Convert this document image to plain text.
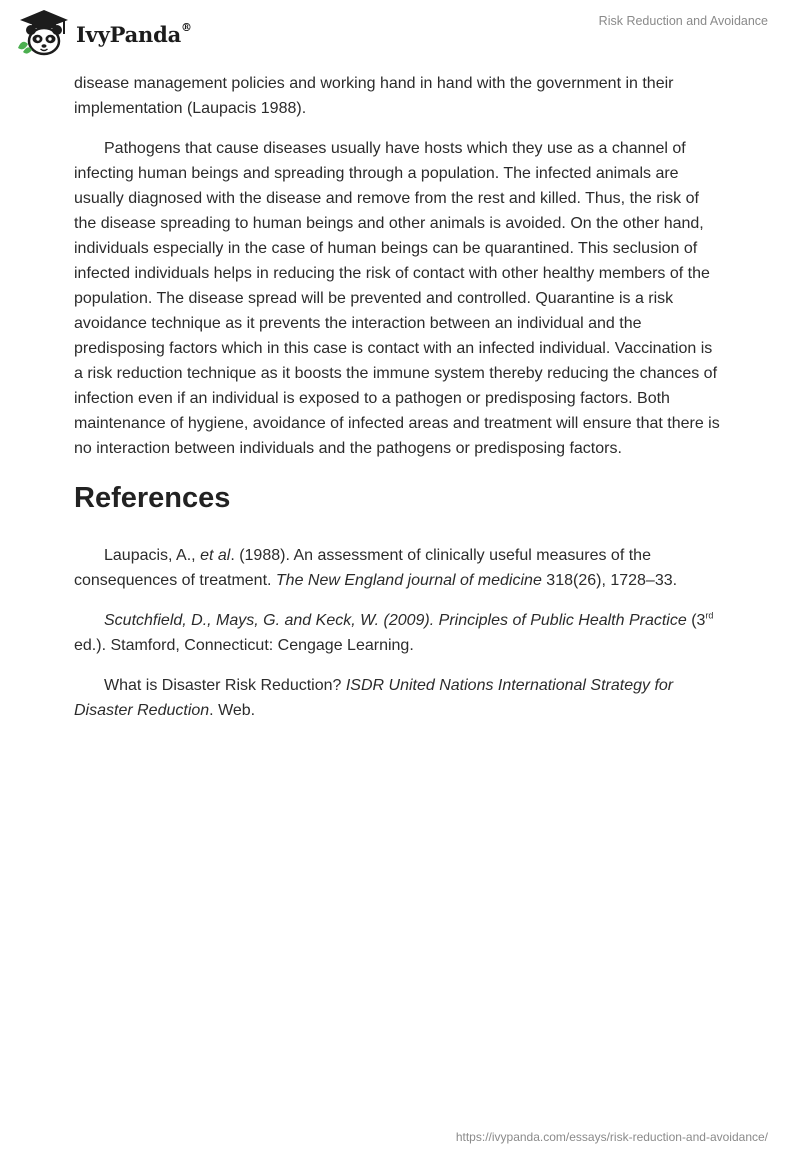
IvyPanda®	Risk Reduction and Avoidance

disease management policies and working hand in hand with the government in their implementation (Laupacis 1988).

Pathogens that cause diseases usually have hosts which they use as a channel of infecting human beings and spreading through a population. The infected animals are usually diagnosed with the disease and remove from the rest and killed. Thus, the risk of the disease spreading to human beings and other animals is avoided. On the other hand, individuals especially in the case of human beings can be quarantined. This seclusion of infected individuals helps in reducing the risk of contact with other healthy members of the population. The disease spread will be prevented and controlled. Quarantine is a risk avoidance technique as it prevents the interaction between an individual and the predisposing factors which in this case is contact with an infected individual. Vaccination is a risk reduction technique as it boosts the immune system thereby reducing the chances of infection even if an individual is exposed to a pathogen or predisposing factors. Both maintenance of hygiene, avoidance of infected areas and treatment will ensure that there is no interaction between individuals and the pathogens or predisposing factors.

References

Laupacis, A., et al. (1988). An assessment of clinically useful measures of the consequences of treatment. The New England journal of medicine 318(26), 1728–33.

Scutchfield, D., Mays, G. and Keck, W. (2009). Principles of Public Health Practice (3rd ed.). Stamford, Connecticut: Cengage Learning.

What is Disaster Risk Reduction? ISDR United Nations International Strategy for Disaster Reduction. Web.

https://ivypanda.com/essays/risk-reduction-and-avoidance/
